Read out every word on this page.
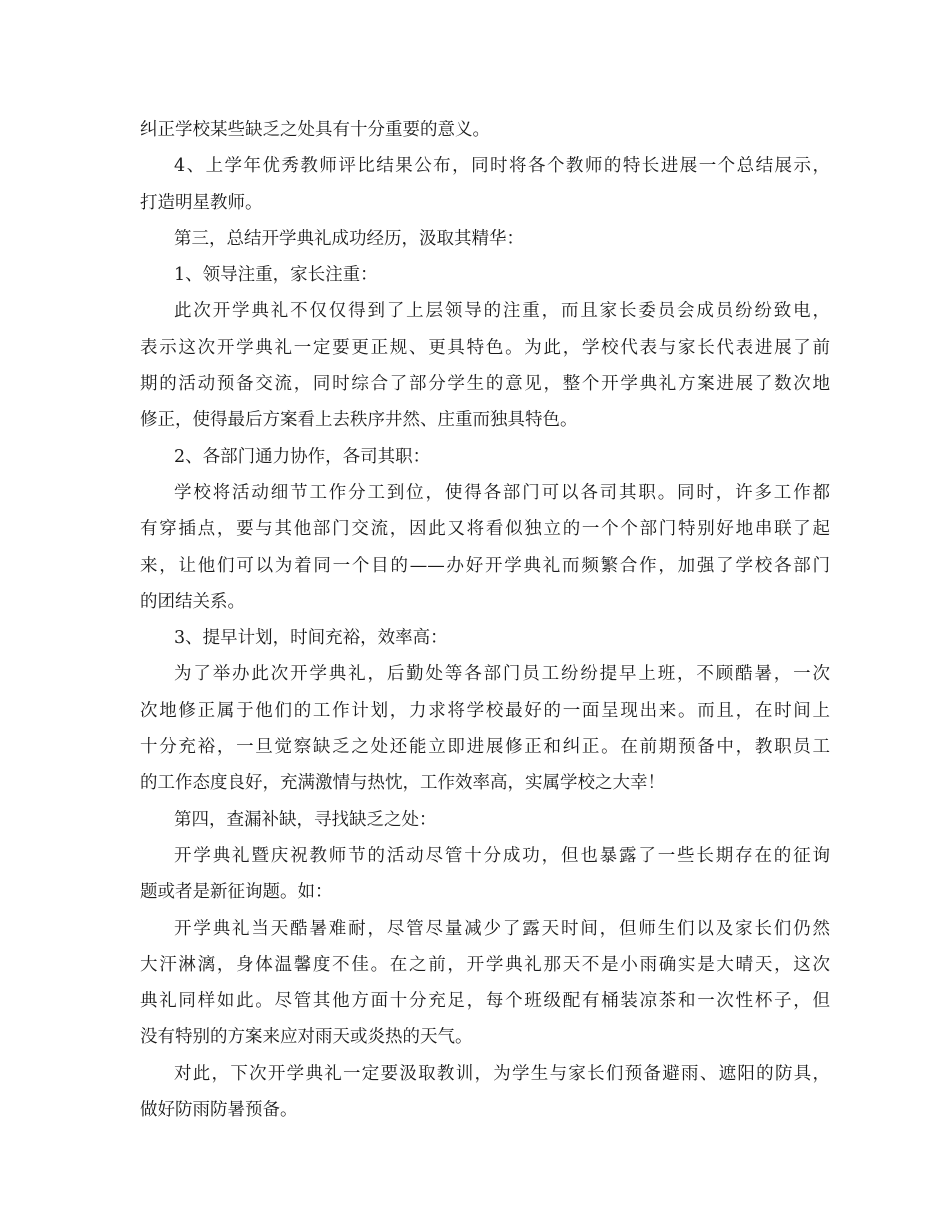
纠正学校某些缺乏之处具有十分重要的意义。
4、上学年优秀教师评比结果公布，同时将各个教师的特长进展一个总结展示，
打造明星教师。
第三，总结开学典礼成功经历，汲取其精华：
1、领导注重，家长注重：
此次开学典礼不仅仅得到了上层领导的注重，而且家长委员会成员纷纷致电，
表示这次开学典礼一定要更正规、更具特色。为此，学校代表与家长代表进展了前
期的活动预备交流，同时综合了部分学生的意见，整个开学典礼方案进展了数次地
修正，使得最后方案看上去秩序井然、庄重而独具特色。
2、各部门通力协作，各司其职：
学校将活动细节工作分工到位，使得各部门可以各司其职。同时，许多工作都
有穿插点，要与其他部门交流，因此又将看似独立的一个个部门特别好地串联了起
来，让他们可以为着同一个目的——办好开学典礼而频繁合作，加强了学校各部门
的团结关系。
3、提早计划，时间充裕，效率高：
为了举办此次开学典礼，后勤处等各部门员工纷纷提早上班，不顾酷暑，一次
次地修正属于他们的工作计划，力求将学校最好的一面呈现出来。而且，在时间上
十分充裕，一旦觉察缺乏之处还能立即进展修正和纠正。在前期预备中，教职员工
的工作态度良好，充满激情与热忱，工作效率高，实属学校之大幸！
第四，查漏补缺，寻找缺乏之处：
开学典礼暨庆祝教师节的活动尽管十分成功，但也暴露了一些长期存在的征询
题或者是新征询题。如：
开学典礼当天酷暑难耐，尽管尽量减少了露天时间，但师生们以及家长们仍然
大汗淋漓，身体温馨度不佳。在之前，开学典礼那天不是小雨确实是大晴天，这次
典礼同样如此。尽管其他方面十分充足，每个班级配有桶装凉茶和一次性杯子，但
没有特别的方案来应对雨天或炎热的天气。
对此，下次开学典礼一定要汲取教训，为学生与家长们预备避雨、遮阳的防具，
做好防雨防暑预备。
